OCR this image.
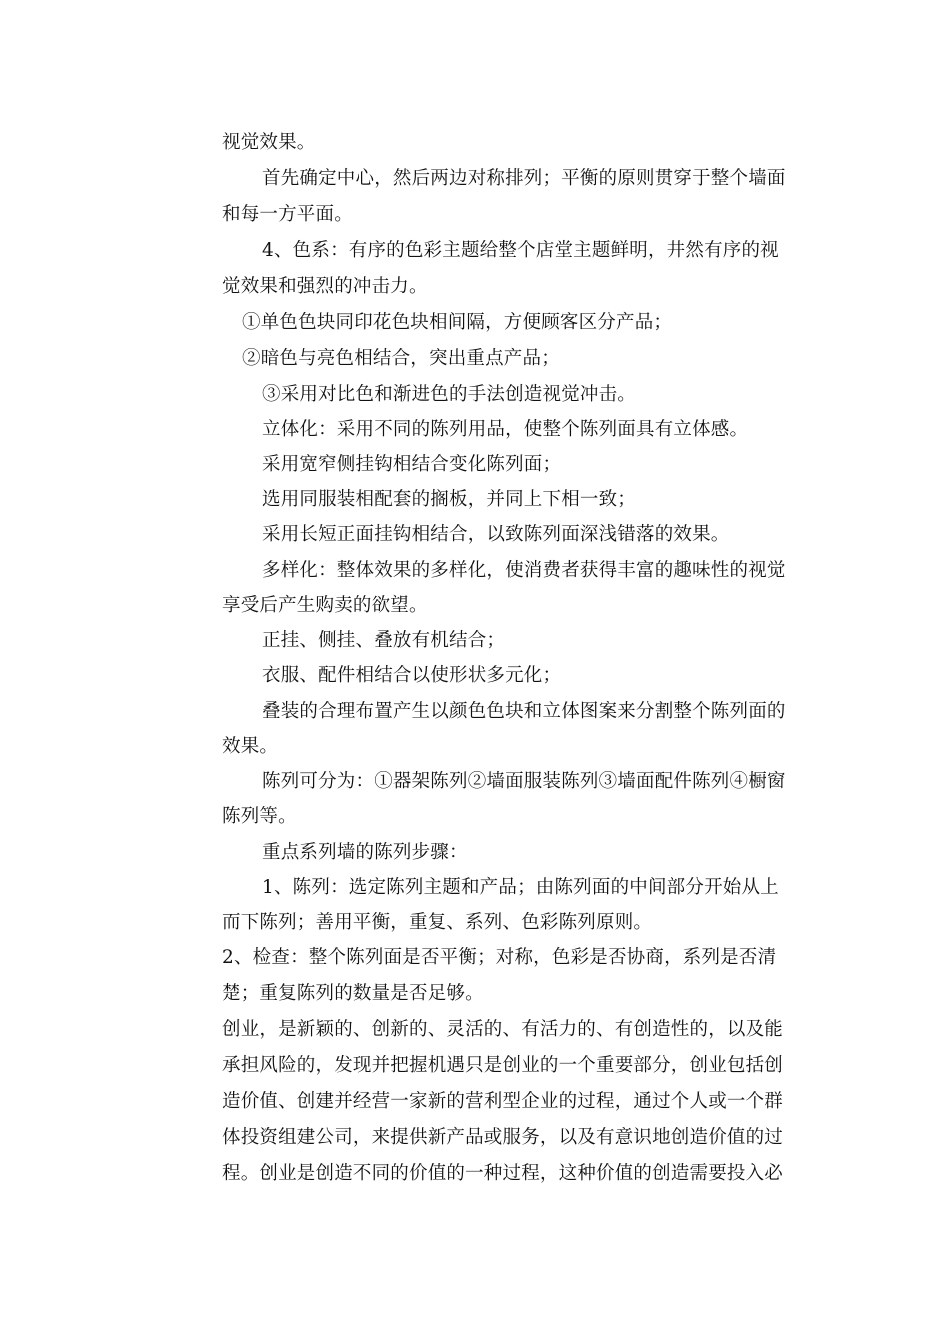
视觉效果。
首先确定中心，然后两边对称排列；平衡的原则贯穿于整个墙面
和每一方平面。
4、色系：有序的色彩主题给整个店堂主题鲜明，井然有序的视
觉效果和强烈的冲击力。
①单色色块同印花色块相间隔，方便顾客区分产品；
②暗色与亮色相结合，突出重点产品；
③采用对比色和渐进色的手法创造视觉冲击。
立体化：采用不同的陈列用品，使整个陈列面具有立体感。
采用宽窄侧挂钩相结合变化陈列面；
选用同服装相配套的搁板，并同上下相一致；
采用长短正面挂钩相结合，以致陈列面深浅错落的效果。
多样化：整体效果的多样化，使消费者获得丰富的趣味性的视觉
享受后产生购卖的欲望。
正挂、侧挂、叠放有机结合；
衣服、配件相结合以使形状多元化；
叠装的合理布置产生以颜色色块和立体图案来分割整个陈列面的
效果。
陈列可分为：①器架陈列②墙面服装陈列③墙面配件陈列④橱窗
陈列等。
重点系列墙的陈列步骤：
1、陈列：选定陈列主题和产品；由陈列面的中间部分开始从上
而下陈列；善用平衡，重复、系列、色彩陈列原则。
2、检查：整个陈列面是否平衡；对称，色彩是否协商，系列是否清
楚；重复陈列的数量是否足够。
创业，是新颖的、创新的、灵活的、有活力的、有创造性的，以及能
承担风险的，发现并把握机遇只是创业的一个重要部分，创业包括创
造价值、创建并经营一家新的营利型企业的过程，通过个人或一个群
体投资组建公司，来提供新产品或服务，以及有意识地创造价值的过
程。创业是创造不同的价值的一种过程，这种价值的创造需要投入必
